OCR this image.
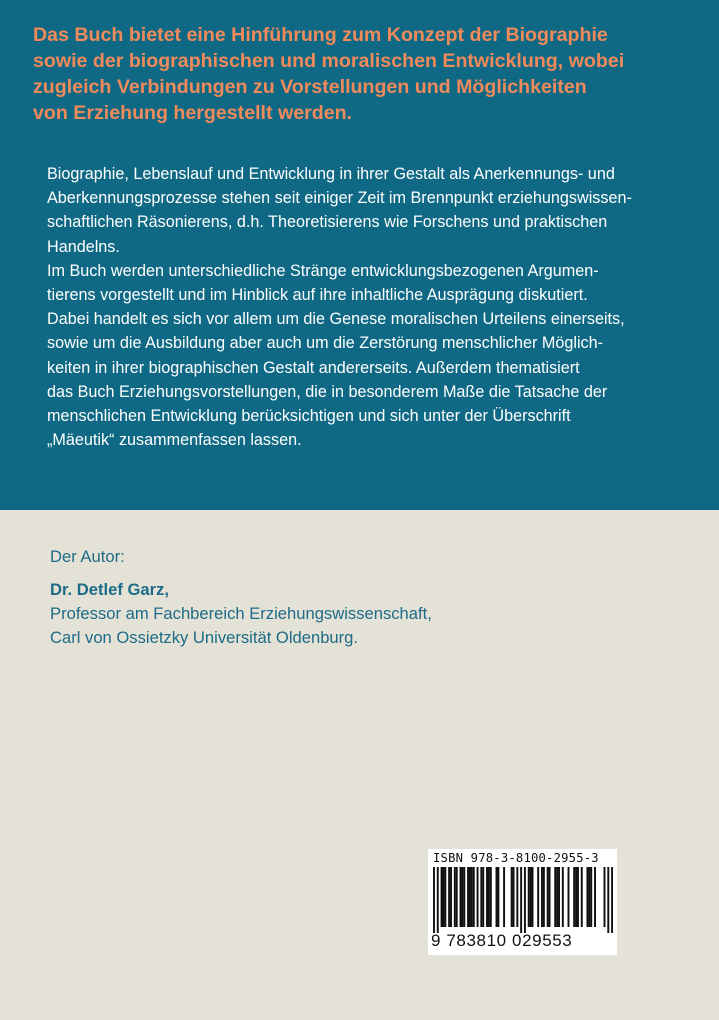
Das Buch bietet eine Hinführung zum Konzept der Biographie
sowie der biographischen und moralischen Entwicklung, wobei
zugleich Verbindungen zu Vorstellungen und Möglichkeiten
von Erziehung hergestellt werden.
Biographie, Lebenslauf und Entwicklung in ihrer Gestalt als Anerkennungs- und
Aberkennungsprozesse stehen seit einiger Zeit im Brennpunkt erziehungswissen-
schaftlichen Räsonierens, d.h. Theoretisierens wie Forschens und praktischen
Handelns.
Im Buch werden unterschiedliche Stränge entwicklungsbezogenen Argumen-
tierens vorgestellt und im Hinblick auf ihre inhaltliche Ausprägung diskutiert.
Dabei handelt es sich vor allem um die Genese moralischen Urteilens einerseits,
sowie um die Ausbildung aber auch um die Zerstörung menschlicher Möglich-
keiten in ihrer biographischen Gestalt andererseits. Außerdem thematisiert
das Buch Erziehungsvorstellungen, die in besonderem Maße die Tatsache der
menschlichen Entwicklung berücksichtigen und sich unter der Überschrift
„Mäeutik“ zusammenfassen lassen.
Der Autor:
Dr. Detlef Garz,
Professor am Fachbereich Erziehungswissenschaft,
Carl von Ossietzky Universität Oldenburg.
ISBN 978-3-8100-2955-3
9 783810 029553
